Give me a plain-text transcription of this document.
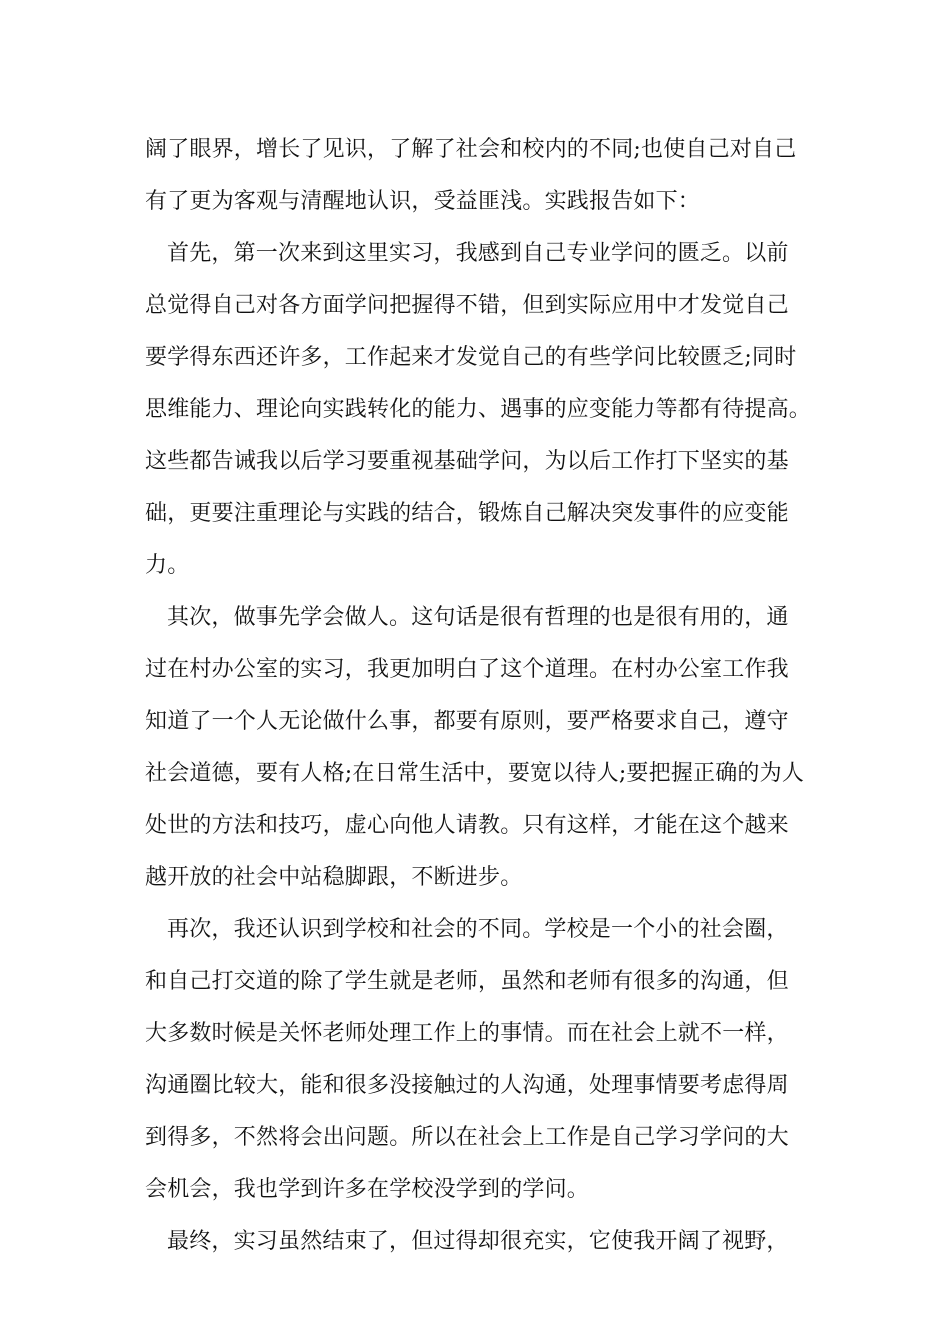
阔了眼界，增长了见识，了解了社会和校内的不同;也使自己对自己
有了更为客观与清醒地认识，受益匪浅。实践报告如下：
首先，第一次来到这里实习，我感到自己专业学问的匮乏。以前
总觉得自己对各方面学问把握得不错，但到实际应用中才发觉自己
要学得东西还许多，工作起来才发觉自己的有些学问比较匮乏;同时
思维能力、理论向实践转化的能力、遇事的应变能力等都有待提高。
这些都告诫我以后学习要重视基础学问，为以后工作打下坚实的基
础，更要注重理论与实践的结合，锻炼自己解决突发事件的应变能
力。
其次，做事先学会做人。这句话是很有哲理的也是很有用的，通
过在村办公室的实习，我更加明白了这个道理。在村办公室工作我
知道了一个人无论做什么事，都要有原则，要严格要求自己，遵守
社会道德，要有人格;在日常生活中，要宽以待人;要把握正确的为人
处世的方法和技巧，虚心向他人请教。只有这样，才能在这个越来
越开放的社会中站稳脚跟，不断进步。
再次，我还认识到学校和社会的不同。学校是一个小的社会圈，
和自己打交道的除了学生就是老师，虽然和老师有很多的沟通，但
大多数时候是关怀老师处理工作上的事情。而在社会上就不一样，
沟通圈比较大，能和很多没接触过的人沟通，处理事情要考虑得周
到得多，不然将会出问题。所以在社会上工作是自己学习学问的大
会机会，我也学到许多在学校没学到的学问。
最终，实习虽然结束了，但过得却很充实，它使我开阔了视野，
